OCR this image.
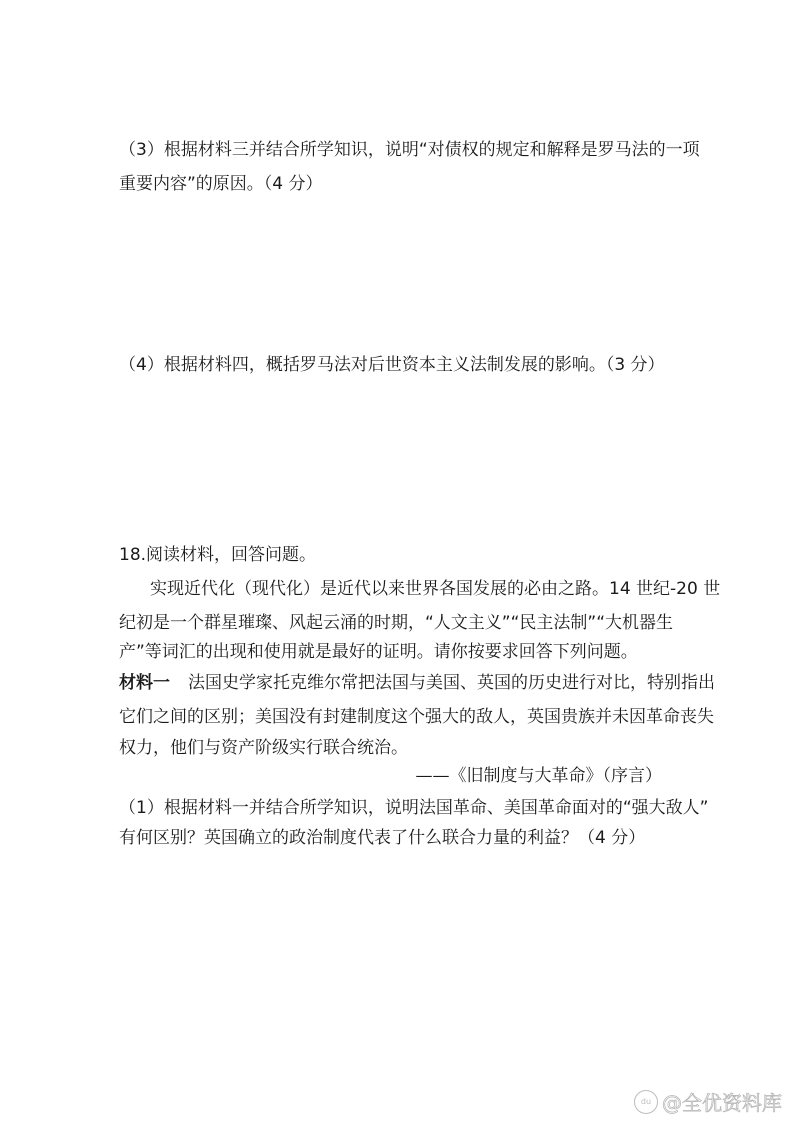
（3）根据材料三并结合所学知识，说明“对债权的规定和解释是罗马法的一项
重要内容”的原因。（4 分）
（4）根据材料四，概括罗马法对后世资本主义法制发展的影响。（3 分）
18.阅读材料，回答问题。
实现近代化（现代化）是近代以来世界各国发展的必由之路。14 世纪-20 世
纪初是一个群星璀璨、风起云涌的时期，“人文主义”“民主法制”“大机器生
产”等词汇的出现和使用就是最好的证明。请你按要求回答下列问题。
材料一 法国史学家托克维尔常把法国与美国、英国的历史进行对比，特别指出
它们之间的区别；美国没有封建制度这个强大的敌人，英国贵族并未因革命丧失
权力，他们与资产阶级实行联合统治。
——《旧制度与大革命》（序言）
（1）根据材料一并结合所学知识，说明法国革命、美国革命面对的“强大敌人”
有何区别？英国确立的政治制度代表了什么联合力量的利益？（4 分）
du @全优资料库
